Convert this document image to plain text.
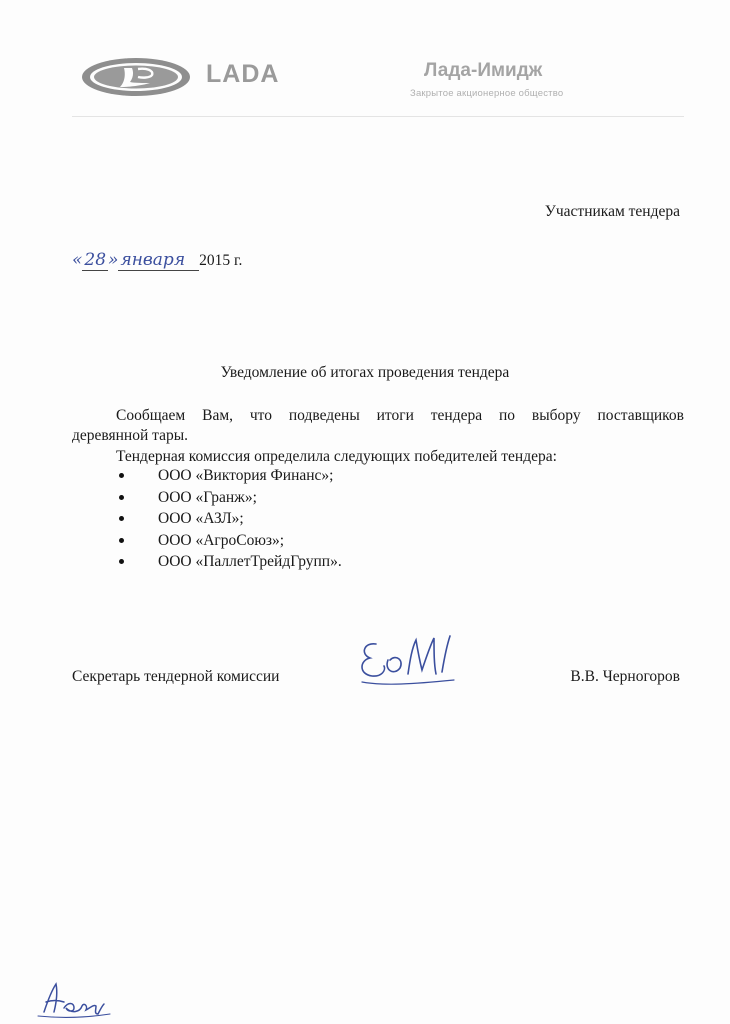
LADA	Лада-Имидж
Закрытое акционерное общество
Участникам тендера
« 28 » января 2015 г.
Уведомление об итогах проведения тендера
Сообщаем Вам, что подведены итоги тендера по выбору поставщиков
деревянной тары.
Тендерная комиссия определила следующих победителей тендера:
ООО «Виктория Финанс»;
ООО «Гранж»;
ООО «АЗЛ»;
ООО «АгроСоюз»;
ООО «ПаллетТрейдГрупп».
Секретарь тендерной комиссии	В.В. Черногоров
